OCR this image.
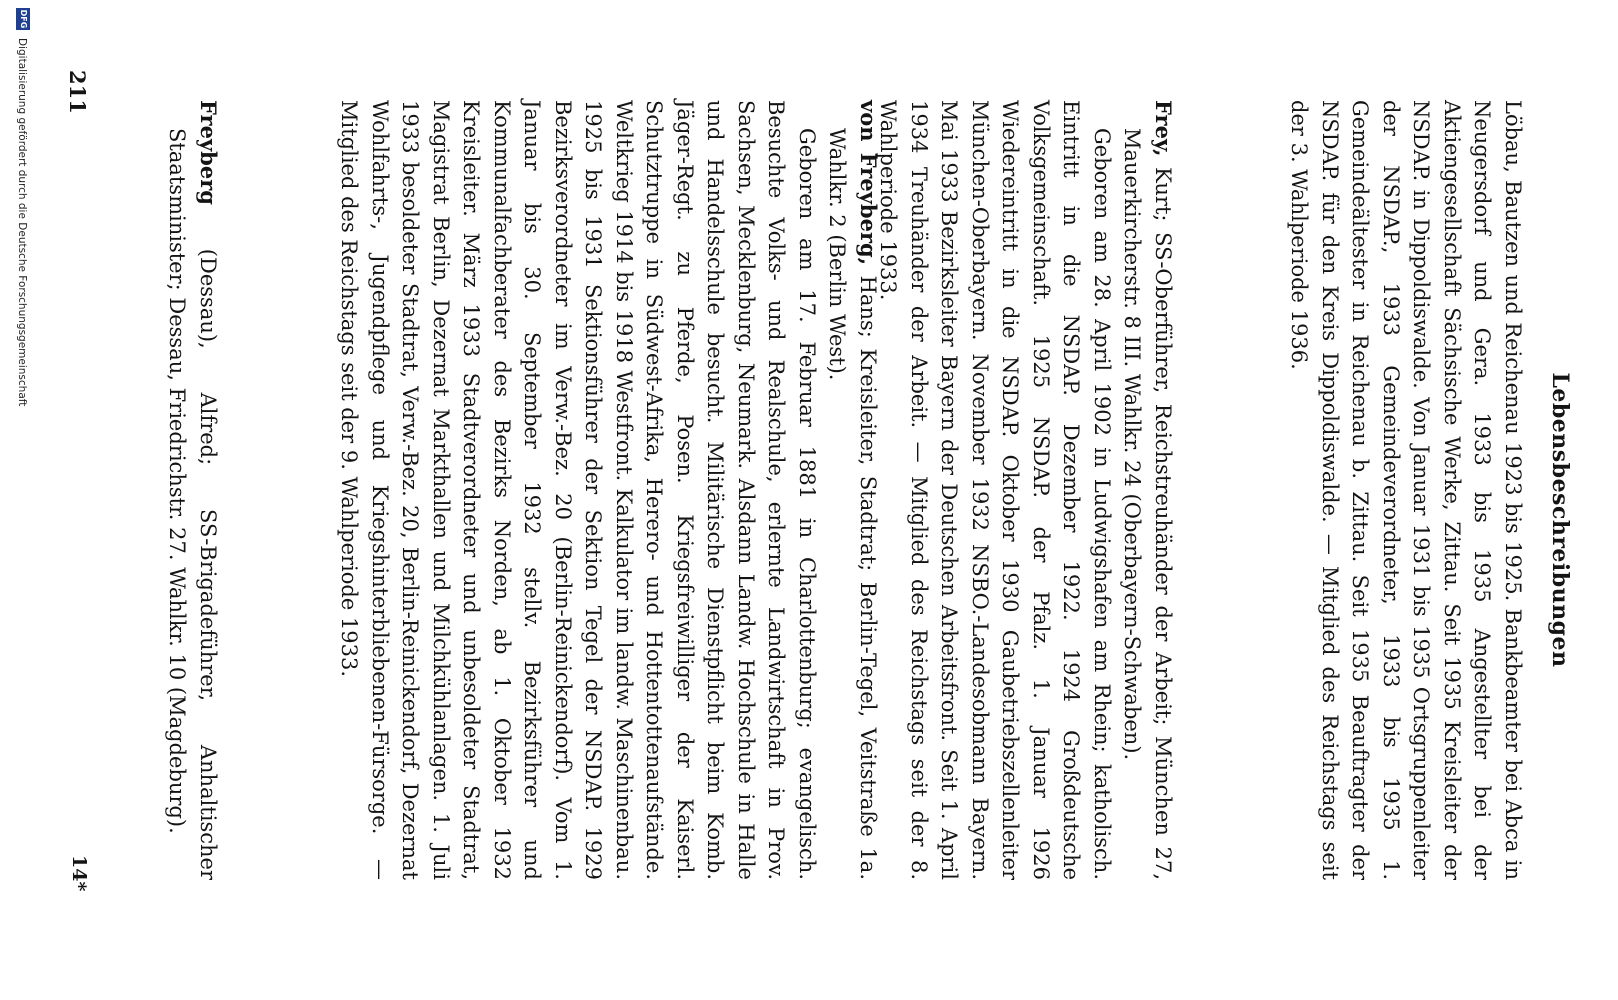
Lebensbeschreibungen

Löbau, Bautzen und Reichenau 1923 bis 1925. Bankbeamter bei Abca in Neugersdorf und Gera. 1933 bis 1935 Angestellter bei der Aktiengesellschaft Sächsische Werke, Zittau. Seit 1935 Kreisleiter der NSDAP. in Dippoldiswalde. Von Januar 1931 bis 1935 Ortsgruppenleiter der NSDAP., 1933 Gemeindeverordneter, 1933 bis 1935 1. Gemeindeältester in Reichenau b. Zittau. Seit 1935 Beauftragter der NSDAP. für den Kreis Dippoldiswalde. — Mitglied des Reichstags seit der 3. Wahlperiode 1936.

Frey, Kurt; SS-Oberführer, Reichstreuhänder der Arbeit; München 27, Mauerkircherstr. 8 III. Wahlkr. 24 (Oberbayern-Schwaben).

Geboren am 28. April 1902 in Ludwigshafen am Rhein; katholisch. Eintritt in die NSDAP. Dezember 1922. 1924 Großdeutsche Volksgemeinschaft. 1925 NSDAP. der Pfalz. 1. Januar 1926 Wiedereintritt in die NSDAP. Oktober 1930 Gaubetriebszellenleiter München-Oberbayern. November 1932 NSBO.-Landesobmann Bayern. Mai 1933 Bezirksleiter Bayern der Deutschen Arbeitsfront. Seit 1. April 1934 Treuhänder der Arbeit. — Mitglied des Reichstags seit der 8. Wahlperiode 1933.

von Freyberg, Hans; Kreisleiter, Stadtrat; Berlin-Tegel, Veitstraße 1a. Wahlkr. 2 (Berlin West).

Geboren am 17. Februar 1881 in Charlottenburg; evangelisch. Besuchte Volks- und Realschule, erlernte Landwirtschaft in Prov. Sachsen, Mecklenburg, Neumark. Alsdann Landw. Hochschule in Halle und Handelsschule besucht. Militärische Dienstpflicht beim Komb. Jäger-Regt. zu Pferde, Posen. Kriegsfreiwilliger der Kaiserl. Schutztruppe in Südwest-Afrika, Herero- und Hottentottenaufstände. Weltkrieg 1914 bis 1918 Westfront. Kalkulator im landw. Maschinenbau. 1925 bis 1931 Sektionsführer der Sektion Tegel der NSDAP. 1929 Bezirksverordneter im Verw.-Bez. 20 (Berlin-Reinickendorf). Vom 1. Januar bis 30. September 1932 stellv. Bezirksführer und Kommunalfachberater des Bezirks Norden, ab 1. Oktober 1932 Kreisleiter. März 1933 Stadtverordneter und unbesoldeter Stadtrat, Magistrat Berlin, Dezernat Markthallen und Milchkühlanlagen. 1. Juli 1933 besoldeter Stadtrat, Verw.-Bez. 20, Berlin-Reinickendorf, Dezernat Wohlfahrts-, Jugendpflege und Kriegshinterbliebenen-Fürsorge. — Mitglied des Reichstags seit der 9. Wahlperiode 1933.

Freyberg (Dessau), Alfred; SS-Brigadeführer, Anhaltischer Staatsminister; Dessau, Friedrichstr. 27. Wahlkr. 10 (Magdeburg).

211
14*
DFG
Digitalisierung gefördert durch die Deutsche Forschungsgemeinschaft
